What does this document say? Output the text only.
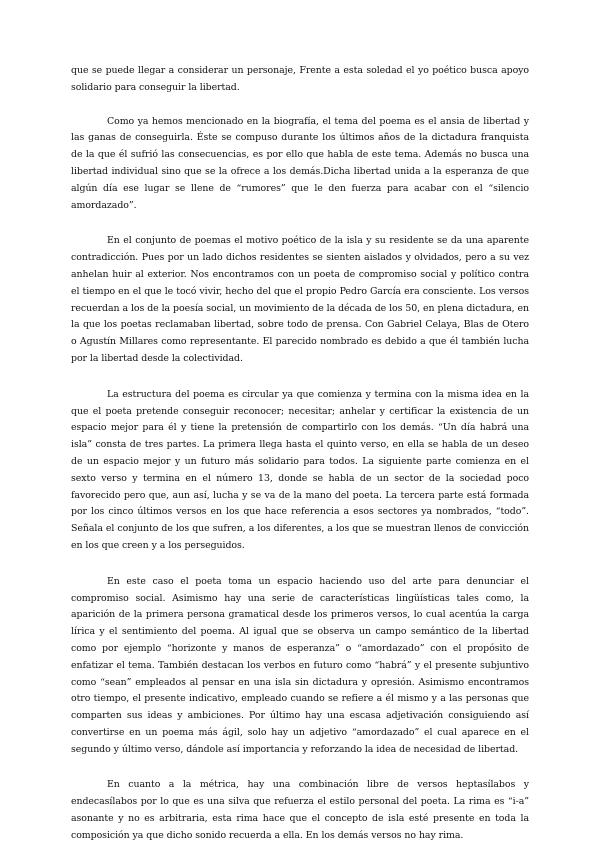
que se puede llegar a considerar un personaje, Frente a esta soledad el yo poético busca apoyo solidario para conseguir la libertad.

Como ya hemos mencionado en la biografía, el tema del poema es el ansia de libertad y las ganas de conseguirla. Éste se compuso durante los últimos años de la dictadura franquista de la que él sufrió las consecuencias, es por ello que habla de este tema. Además no busca una libertad individual sino que se la ofrece a los demás.Dicha libertad unida a la esperanza de que algún día ese lugar se llene de “rumores” que le den fuerza para acabar con el “silencio amordazado”.

En el conjunto de poemas el motivo poético de la isla y su residente se da una aparente contradicción. Pues por un lado dichos residentes se sienten aislados y olvidados, pero a su vez anhelan huir al exterior. Nos encontramos con un poeta de compromiso social y político contra el tiempo en el que le tocó vivir, hecho del que el propio Pedro García era consciente. Los versos recuerdan a los de la poesía social, un movimiento de la década de los 50, en plena dictadura, en la que los poetas reclamaban libertad, sobre todo de prensa. Con Gabriel Celaya, Blas de Otero o Agustín Millares como representante. El parecido nombrado es debido a que él también lucha por la libertad desde la colectividad.

La estructura del poema es circular ya que comienza y termina con la misma idea en la que el poeta pretende conseguir reconocer; necesitar; anhelar y certificar la existencia de un espacio mejor para él y tiene la pretensión de compartirlo con los demás. “Un día habrá una isla” consta de tres partes. La primera llega hasta el quinto verso, en ella se habla de un deseo de un espacio mejor y un futuro más solidario para todos. La siguiente parte comienza en el sexto verso y termina en el número 13, donde se habla de un sector de la sociedad poco favorecido pero que, aun así, lucha y se va de la mano del poeta. La tercera parte está formada por los cinco últimos versos en los que hace referencia a esos sectores ya nombrados, “todo”. Señala el conjunto de los que sufren, a los diferentes, a los que se muestran llenos de convicción en los que creen y a los perseguidos.

En este caso el poeta toma un espacio haciendo uso del arte para denunciar el compromiso social. Asimismo hay una serie de características lingüísticas tales como, la aparición de la primera persona gramatical desde los primeros versos, lo cual acentúa la carga lírica y el sentimiento del poema. Al igual que se observa un campo semántico de la libertad como por ejemplo “horizonte y manos de esperanza” o “amordazado” con el propósito de enfatizar el tema. También destacan los verbos en futuro como “habrá” y el presente subjuntivo como “sean” empleados al pensar en una isla sin dictadura y opresión. Asimismo encontramos otro tiempo, el presente indicativo, empleado cuando se refiere a él mismo y a las personas que comparten sus ideas y ambiciones. Por último hay una escasa adjetivación consiguiendo así convertirse en un poema más ágil, solo hay un adjetivo “amordazado” el cual aparece en el segundo y último verso, dándole así importancia y reforzando la idea de necesidad de libertad.

En cuanto a la métrica, hay una combinación libre de versos heptasílabos y endecasílabos por lo que es una silva que refuerza el estilo personal del poeta. La rima es “i-a” asonante y no es arbitraria, esta rima hace que el concepto de isla esté presente en toda la composición ya que dicho sonido recuerda a ella. En los demás versos no hay rima.
